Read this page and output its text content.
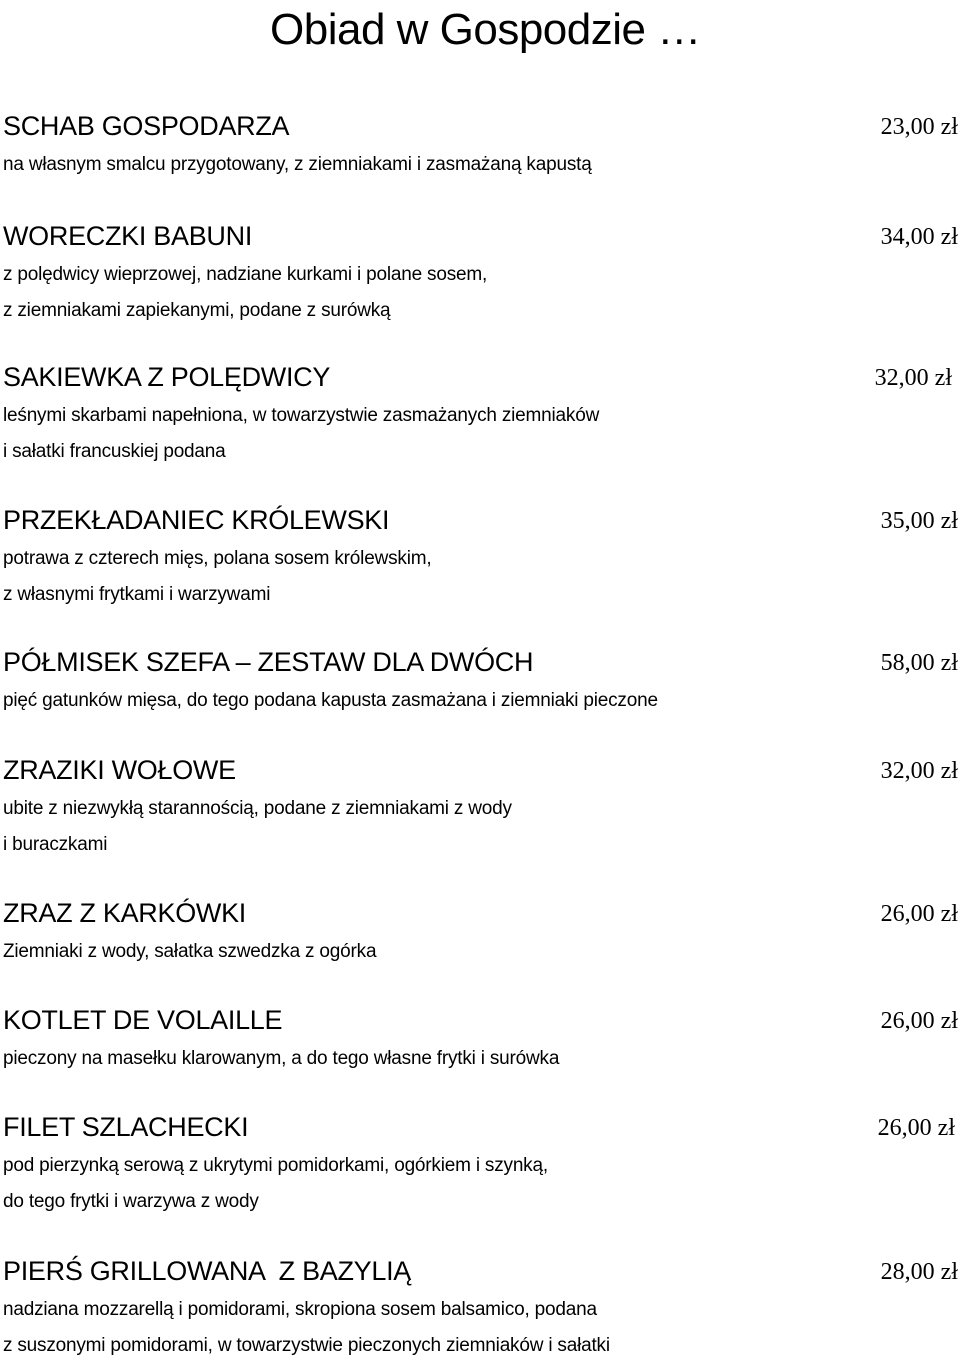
Obiad w Gospodzie …
SCHAB GOSPODARZA	23,00 zł
na własnym smalcu przygotowany, z ziemniakami i zasmażaną kapustą
WORECZKI BABUNI	34,00 zł
z polędwicy wieprzowej, nadziane kurkami i polane sosem,
z ziemniakami zapiekanymi, podane z surówką
SAKIEWKA Z POLĘDWICY	32,00 zł
leśnymi skarbami napełniona, w towarzystwie zasmażanych ziemniaków
i sałatki francuskiej podana
PRZEKŁADANIEC KRÓLEWSKI	35,00 zł
potrawa z czterech mięs, polana sosem królewskim,
z własnymi frytkami i warzywami
PÓŁMISEK SZEFA – ZESTAW DLA DWÓCH	58,00 zł
pięć gatunków mięsa, do tego podana kapusta zasmażana i ziemniaki pieczone
ZRAZIKI WOŁOWE	32,00 zł
ubite z niezwykłą starannością, podane z ziemniakami z wody
i buraczkami
ZRAZ Z KARKÓWKI	26,00 zł
Ziemniaki z wody, sałatka szwedzka z ogórka
KOTLET DE VOLAILLE	26,00 zł
pieczony na masełku klarowanym, a do tego własne frytki i surówka
FILET SZLACHECKI	26,00 zł
pod pierzynką serową z ukrytymi pomidorkami, ogórkiem i szynką,
do tego frytki i warzywa z wody
PIERŚ GRILLOWANA  Z BAZYLIĄ	28,00 zł
nadziana mozzarellą i pomidorami, skropiona sosem balsamico, podana
z suszonymi pomidorami, w towarzystwie pieczonych ziemniaków i sałatki
